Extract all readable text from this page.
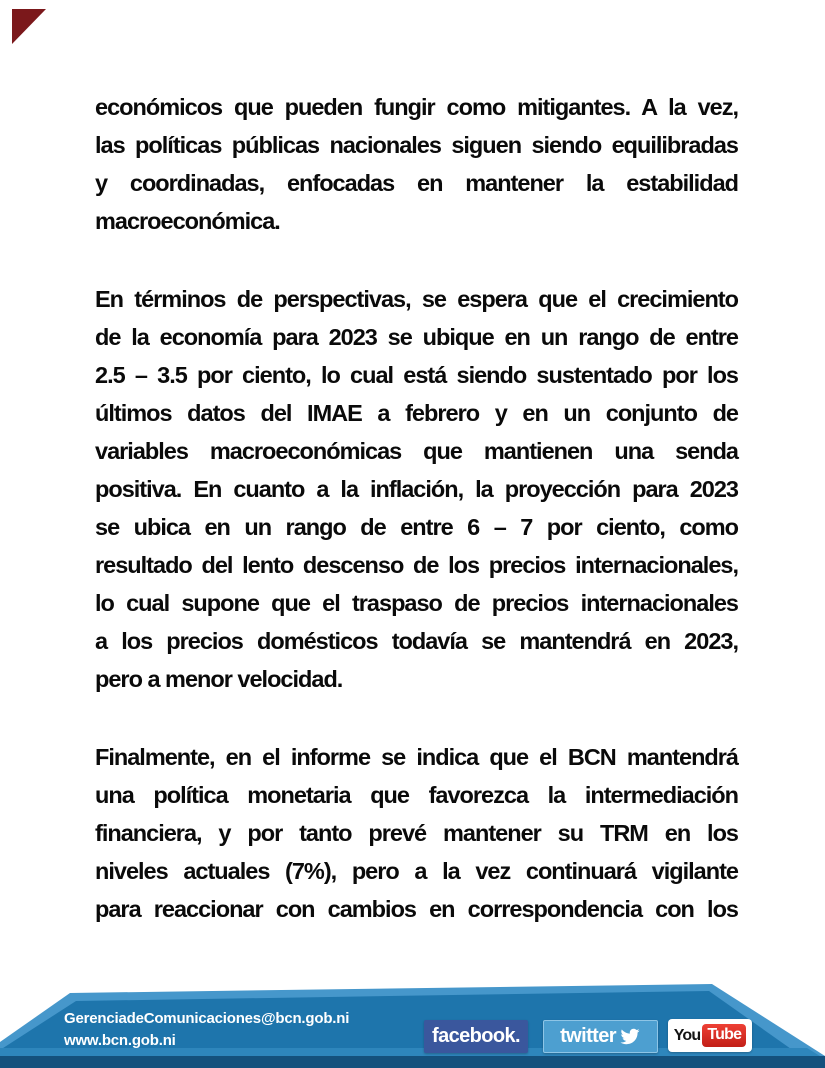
económicos que pueden fungir como mitigantes. A la vez,
las políticas públicas nacionales siguen siendo equilibradas
y coordinadas, enfocadas en mantener la estabilidad
macroeconómica.
En términos de perspectivas, se espera que el crecimiento
de la economía para 2023 se ubique en un rango de entre
2.5 – 3.5 por ciento, lo cual está siendo sustentado por los
últimos datos del IMAE a febrero y en un conjunto de
variables macroeconómicas que mantienen una senda
positiva. En cuanto a la inflación, la proyección para 2023
se ubica en un rango de entre 6 – 7 por ciento, como
resultado del lento descenso de los precios internacionales,
lo cual supone que el traspaso de precios internacionales
a los precios domésticos todavía se mantendrá en 2023,
pero a menor velocidad.
Finalmente, en el informe se indica que el BCN mantendrá
una política monetaria que favorezca la intermediación
financiera, y por tanto prevé mantener su TRM en los
niveles actuales (7%), pero a la vez continuará vigilante
para reaccionar con cambios en correspondencia con los
GerenciadeComunicaciones@bcn.gob.ni
www.bcn.gob.ni	facebook. twitter	You Tube
